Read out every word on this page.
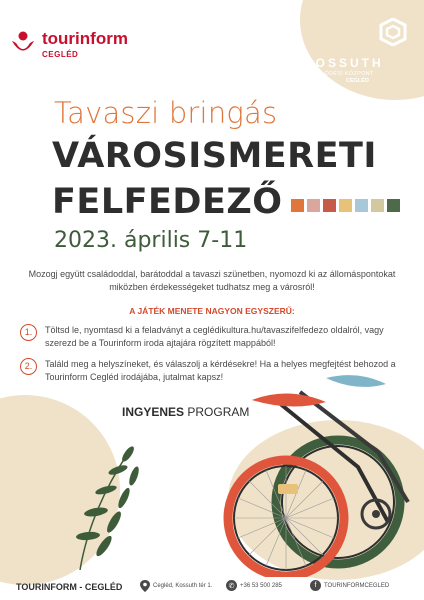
tourinform
CEGLÉD
KOSSUTH
MŰVELŐDÉSI KÖZPONT
CEGLÉD
Tavaszi bringás
VÁROSISMERETI
FELFEDEZŐ
2023. április 7-11
Mozogj együtt családoddal, barátoddal a tavaszi szünetben, nyomozd ki az állomáspontokat miközben érdekességeket tudhatsz meg a városról!
A JÁTÉK MENETE NAGYON EGYSZERŰ:
1.	Töltsd le, nyomtasd ki a feladványt a ceglédikultura.hu/tavaszifelfedezo oldalról, vagy szerezd be a Tourinform iroda ajtajára rögzített mappából!
2.	Találd meg a helyszíneket, és válaszolj a kérdésekre! Ha a helyes megfejtést behozod a Tourinform Cegléd irodájába, jutalmat kapsz!
INGYENES PROGRAM
TOURINFORM - CEGLÉD	Cegléd, Kossuth tér 1.	✆ +36 53 500 285	f	TOURINFORMCEGLED
